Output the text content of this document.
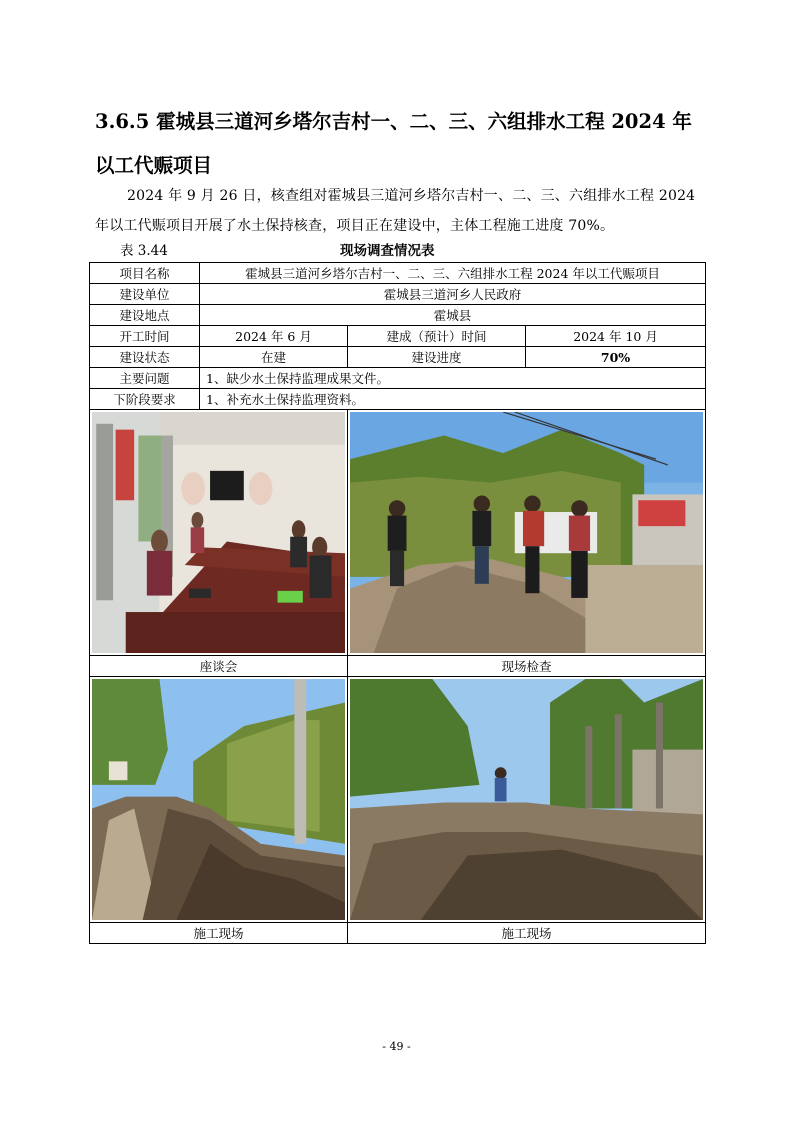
3.6.5 霍城县三道河乡塔尔吉村一、二、三、六组排水工程 2024 年以工代赈项目

2024 年 9 月 26 日，核查组对霍城县三道河乡塔尔吉村一、二、三、六组排水工程 2024 年以工代赈项目开展了水土保持核查，项目正在建设中，主体工程施工进度 70%。

表 3.44	现场调查情况表
项目名称	霍城县三道河乡塔尔吉村一、二、三、六组排水工程 2024 年以工代赈项目		
建设单位	霍城县三道河乡人民政府		
建设地点	霍城县		
开工时间	2024 年 6 月	建成（预计）时间	2024 年 10 月
建设状态	在建	建设进度	70%
主要问题	1、缺少水土保持监理成果文件。		
下阶段要求	1、补充水土保持监理资料。		

座谈会		现场检查	

施工现场		施工现场	
- 49 -
